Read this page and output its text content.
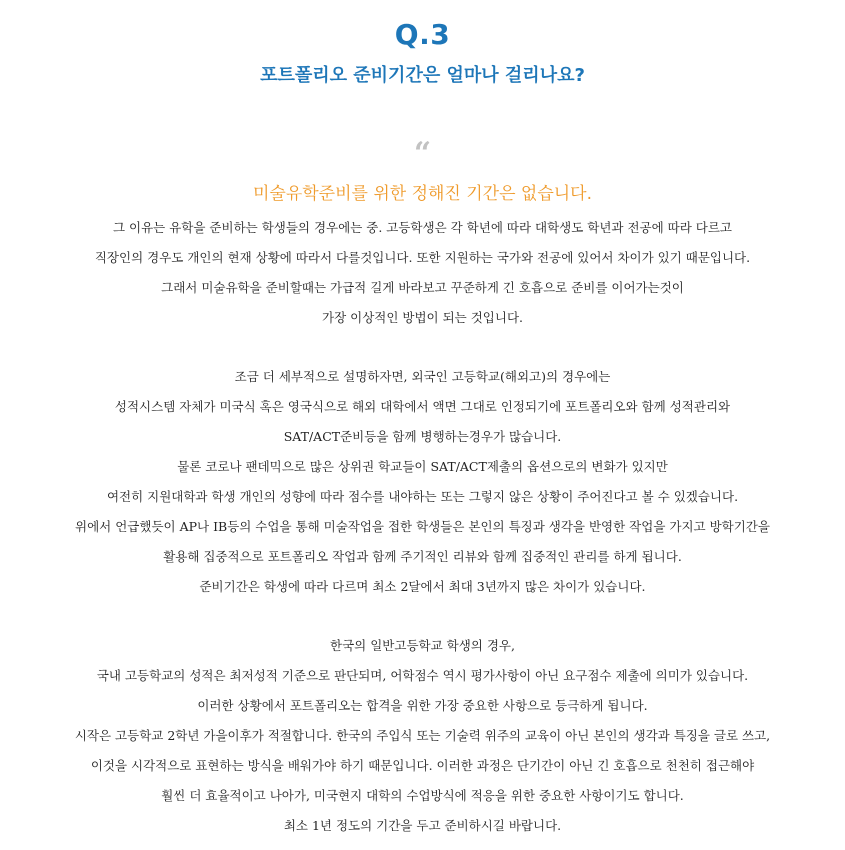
Q.3
포트폴리오 준비기간은 얼마나 걸리나요?
“
미술유학준비를 위한 정해진 기간은 없습니다.
그 이유는 유학을 준비하는 학생들의 경우에는 중. 고등학생은 각 학년에 따라 대학생도 학년과 전공에 따라 다르고
직장인의 경우도 개인의 현재 상황에 따라서 다를것입니다. 또한 지원하는 국가와 전공에 있어서 차이가 있기 때문입니다.
그래서 미술유학을 준비할때는 가급적 길게 바라보고 꾸준하게 긴 호흡으로 준비를 이어가는것이
가장 이상적인 방법이 되는 것입니다.
조금 더 세부적으로 설명하자면, 외국인 고등학교(해외고)의 경우에는
성적시스템 자체가 미국식 혹은 영국식으로 해외 대학에서 액면 그대로 인정되기에 포트폴리오와 함께 성적관리와
SAT/ACT준비등을 함께 병행하는경우가 많습니다.
물론 코로나 팬데믹으로 많은 상위권 학교들이 SAT/ACT제출의 옵션으로의 변화가 있지만
여전히 지원대학과 학생 개인의 성향에 따라 점수를 내야하는 또는 그렇지 않은 상황이 주어진다고 볼 수 있겠습니다.
위에서 언급했듯이 AP나 IB등의 수업을 통해 미술작업을 접한 학생들은 본인의 특징과 생각을 반영한 작업을 가지고 방학기간을
활용해 집중적으로 포트폴리오 작업과 함께 주기적인 리뷰와 함께 집중적인 관리를 하게 됩니다.
준비기간은 학생에 따라 다르며 최소 2달에서 최대 3년까지 많은 차이가 있습니다.
한국의 일반고등학교 학생의 경우,
국내 고등학교의 성적은 최저성적 기준으로 판단되며, 어학점수 역시 평가사항이 아닌 요구점수 제출에 의미가 있습니다.
이러한 상황에서 포트폴리오는 합격을 위한 가장 중요한 사항으로 등극하게 됩니다.
시작은 고등학교 2학년 가을이후가 적절합니다. 한국의 주입식 또는 기술력 위주의 교육이 아닌 본인의 생각과 특징을 글로 쓰고,
이것을 시각적으로 표현하는 방식을 배워가야 하기 때문입니다. 이러한 과정은 단기간이 아닌 긴 호흡으로 천천히 접근해야
훨씬 더 효율적이고 나아가, 미국현지 대학의 수업방식에 적응을 위한 중요한 사항이기도 합니다.
최소 1년 정도의 기간을 두고 준비하시길 바랍니다.
